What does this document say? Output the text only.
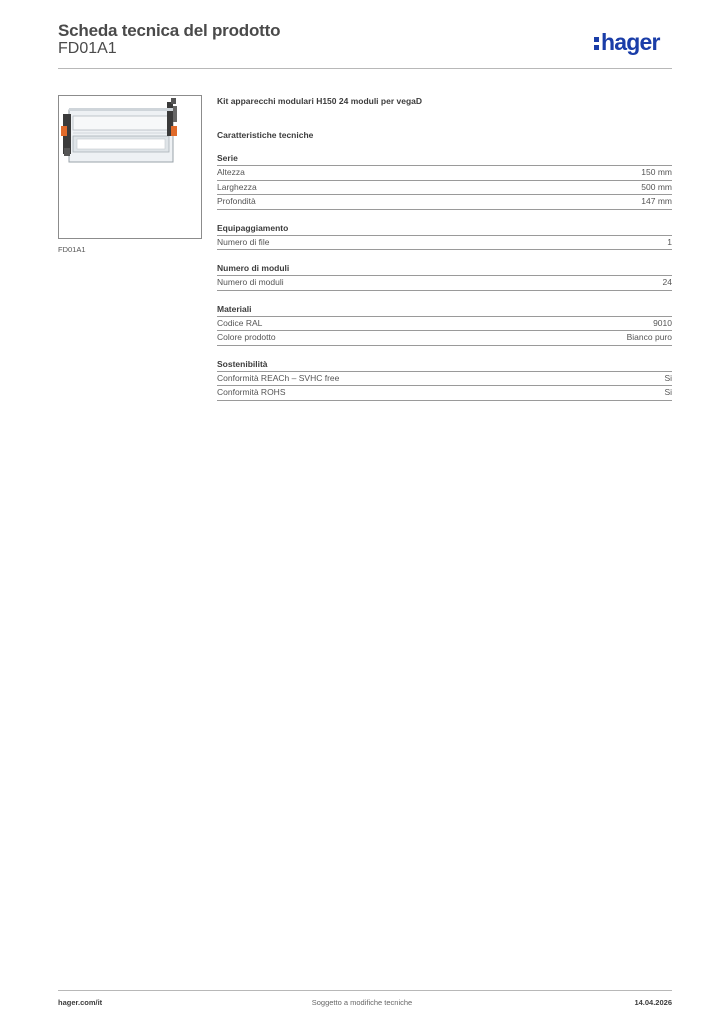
Scheda tecnica del prodotto
FD01A1	hager
FD01A1
Kit apparecchi modulari H150 24 moduli per vegaD
Caratteristiche tecniche
Serie
Altezza	150 mm
Larghezza	500 mm
Profondità	147 mm
Equipaggiamento
Numero di file	1
Numero di moduli
Numero di moduli	24
Materiali
Codice RAL	9010
Colore prodotto	Bianco puro
Sostenibilità
Conformità REACh – SVHC free	Si
Conformità ROHS	Si
hager.com/it	Soggetto a modifiche tecniche	14.04.2026
